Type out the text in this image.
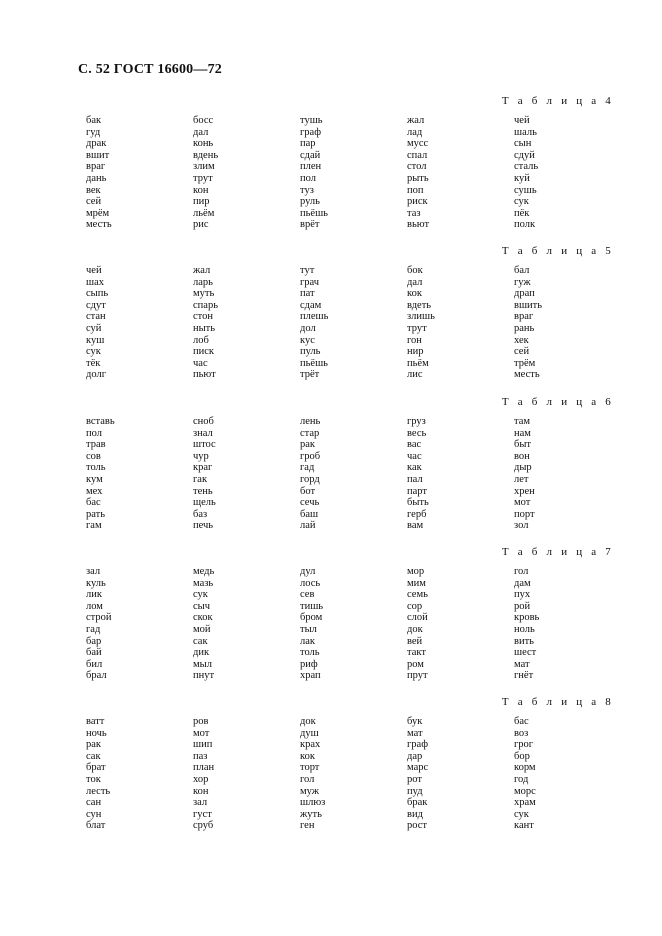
С. 52 ГОСТ 16600—72
Т а б л и ц а 4
бак	босс	тушь	жал	чей
гуд	дал	граф	лад	шаль
драк	конь	пар	мусс	сын
вшит	вдень	сдай	спал	сдуй
враг	злим	плен	стол	сталь
дань	трут	пол	рыть	куй
век	кон	туз	поп	сушь
сей	пир	руль	риск	сук
мрём	льём	пьёшь	таз	пёк
месть	рис	врёт	вьют	полк
Т а б л и ц а 5
чей	жал	тут	бок	бал
шах	ларь	грач	дал	гуж
сыпь	муть	пат	кок	драп
сдут	спарь	сдам	вдеть	вшить
стан	стон	плешь	злишь	враг
суй	ныть	дол	трут	рань
куш	лоб	кус	гон	хек
сук	писк	пуль	нир	сей
тёк	час	пьёшь	пьём	трём
долг	пьют	трёт	лис	месть
Т а б л и ц а 6
вставь	сноб	лень	груз	там
пол	знал	стар	весь	нам
трав	штос	рак	вас	быт
сов	чур	гроб	час	вон
толь	краг	гад	как	дыр
кум	гак	горд	пал	лет
мех	тень	бот	парт	хрен
бас	щель	сечь	быть	мот
рать	баз	баш	герб	порт
гам	печь	лай	вам	зол
Т а б л и ц а 7
зал	медь	дул	мор	гол
куль	мазь	лось	мим	дам
лик	сук	сев	семь	пух
лом	сыч	тишь	сор	рой
строй	скок	бром	слой	кровь
гад	мой	тыл	док	ноль
бар	сак	лак	вей	вить
бай	дик	толь	такт	шест
бил	мыл	риф	ром	мат
брал	пнут	храп	прут	гнёт
Т а б л и ц а 8
ватт	ров	док	бук	бас
ночь	мот	душ	мат	воз
рак	шип	крах	граф	грог
сак	паз	кок	дар	бор
брат	план	торт	марс	корм
ток	хор	гол	рот	год
лесть	кон	муж	пуд	морс
сан	зал	шлюз	брак	храм
сун	густ	жуть	вид	сук
блат	сруб	ген	рост	кант
